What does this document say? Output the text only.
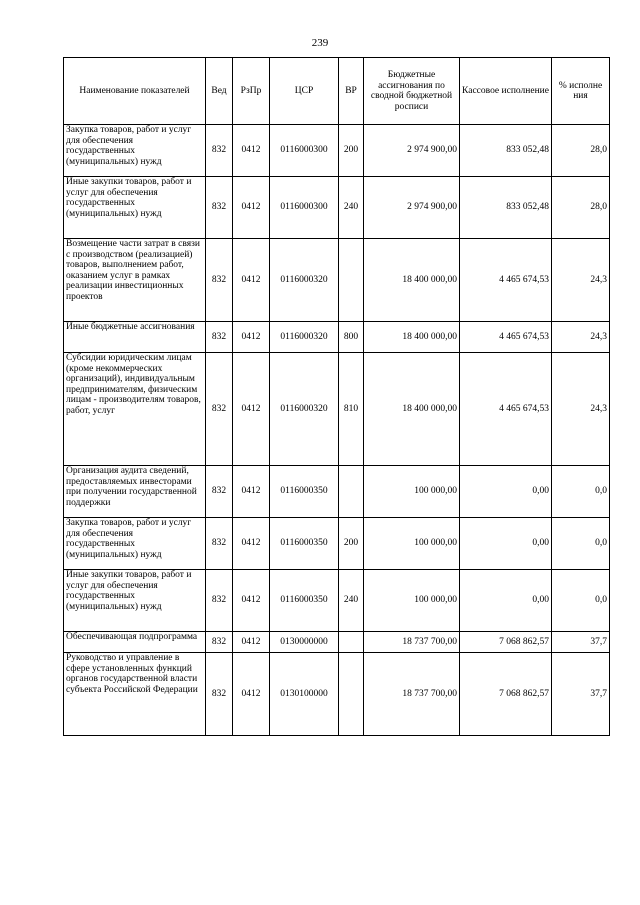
239
Наименование показателей	Вед	РзПр	ЦСР	ВР	Бюджетные ассигнования по сводной бюджетной росписи	Кассовое исполнение	% исполне ния
Закупка товаров, работ и услуг для обеспечения государственных (муниципальных) нужд	832	0412	0116000300	200	2 974 900,00	833 052,48	28,0
Иные закупки товаров, работ и услуг для обеспечения государственных (муниципальных) нужд	832	0412	0116000300	240	2 974 900,00	833 052,48	28,0
Возмещение части затрат в связи с производством (реализацией) товаров, выполнением работ, оказанием услуг в рамках реализации инвестиционных проектов	832	0412	0116000320		18 400 000,00	4 465 674,53	24,3
Иные бюджетные ассигнования	832	0412	0116000320	800	18 400 000,00	4 465 674,53	24,3
Субсидии юридическим лицам (кроме некоммерческих организаций), индивидуальным предпринимателям, физическим лицам - производителям товаров, работ, услуг	832	0412	0116000320	810	18 400 000,00	4 465 674,53	24,3
Организация аудита сведений, предоставляемых инвесторами при получении государственной поддержки	832	0412	0116000350		100 000,00	0,00	0,0
Закупка товаров, работ и услуг для обеспечения государственных (муниципальных) нужд	832	0412	0116000350	200	100 000,00	0,00	0,0
Иные закупки товаров, работ и услуг для обеспечения государственных (муниципальных) нужд	832	0412	0116000350	240	100 000,00	0,00	0,0
Обеспечивающая подпрограмма	832	0412	0130000000		18 737 700,00	7 068 862,57	37,7
Руководство и управление в сфере установленных функций органов государственной власти субъекта Российской Федерации	832	0412	0130100000		18 737 700,00	7 068 862,57	37,7
